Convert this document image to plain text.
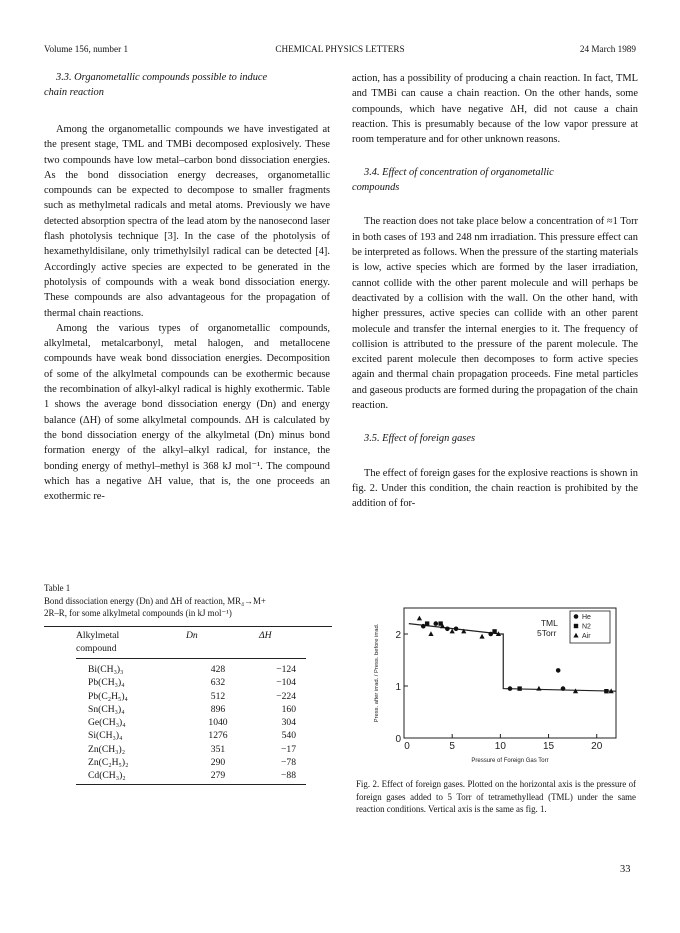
Volume 156, number 1	CHEMICAL PHYSICS LETTERS	24 March 1989

3.3. Organometallic compounds possible to induce
chain reaction

Among the organometallic compounds we have investigated at the present stage, TML and TMBi decomposed explosively. These two compounds have low metal–carbon bond dissociation energies. As the bond dissociation energy decreases, organometallic compounds can be expected to decompose to smaller fragments such as methylmetal radicals and metal atoms. Previously we have detected absorption spectra of the lead atom by the nanosecond laser flash photolysis technique [3]. In the case of the photolysis of hexamethyldisilane, only trimethylsilyl radical can be detected [4]. Accordingly active species are expected to be generated in the photolysis of compounds with a weak bond dissociation energy. These compounds are also advantageous for the propagation of thermal chain reactions.

Among the various types of organometallic compounds, alkylmetal, metalcarbonyl, metal halogen, and metallocene compounds have weak bond dissociation energies. Decomposition of some of the alkylmetal compounds can be exothermic because the recombination of alkyl-alkyl radical is highly exothermic. Table 1 shows the average bond dissociation energy (Dn) and energy balance (ΔH) of some alkylmetal compounds. ΔH is calculated by the bond dissociation energy of the alkylmetal (Dn) minus bond formation energy of the alkyl–alkyl radical, for instance, the bonding energy of methyl–methyl is 368 kJ mol⁻¹. The compound which has a negative ΔH value, that is, the one proceeds an exothermic re-

Table 1
Bond dissociation energy (Dn) and ΔH of reaction, MR₄→M+
2R–R, for some alkylmetal compounds (in kJ mol⁻¹)
Alkylmetal
compound
Dn	ΔH
Bi(CH₃)₃	428	−124
Pb(CH₃)₄	632	−104
Pb(C₂H₅)₄	512	−224
Sn(CH₃)₄	896	160
Ge(CH₃)₄	1040	304
Si(CH₃)₄	1276	540
Zn(CH₃)₂	351	−17
Zn(C₂H₅)₂	290	−78
Cd(CH₃)₂	279	−88

action, has a possibility of producing a chain reaction. In fact, TML and TMBi can cause a chain reaction. On the other hands, some compounds, which have negative ΔH, did not cause a chain reaction. This is presumably because of the low vapor pressure at room temperature and for other unknown reasons.

3.4. Effect of concentration of organometallic
compounds

The reaction does not take place below a concentration of ≈1 Torr in both cases of 193 and 248 nm irradiation. This pressure effect can be interpreted as follows. When the pressure of the starting materials is low, active species which are formed by the laser irradiation, cannot collide with the other parent molecule and will perhaps be deactivated by a collision with the wall. On the other hand, with higher pressures, active species can collide with an other parent molecule and transfer the internal energies to it. The frequency of collision is attributed to the pressure of the parent molecule. The excited parent molecule then decomposes to form active species again and thermal chain propagation proceeds. Fine metal particles and gaseous products are formed during the propagation of the chain reaction.

3.5. Effect of foreign gases

The effect of foreign gases for the explosive reactions is shown in fig. 2. Under this condition, the chain reaction is prohibited by the addition of for-

0	5	10	15	20
0
1
2
Press. after irrad. / Press. before irrad.
Pressure of Foreign Gas Torr
TML
5Torr
He
N2
Air
Fig. 2. Effect of foreign gases. Plotted on the horizontal axis is the pressure of foreign gases added to 5 Torr of tetramethyllead (TML) under the same reaction conditions. Vertical axis is the same as fig. 1.
33
